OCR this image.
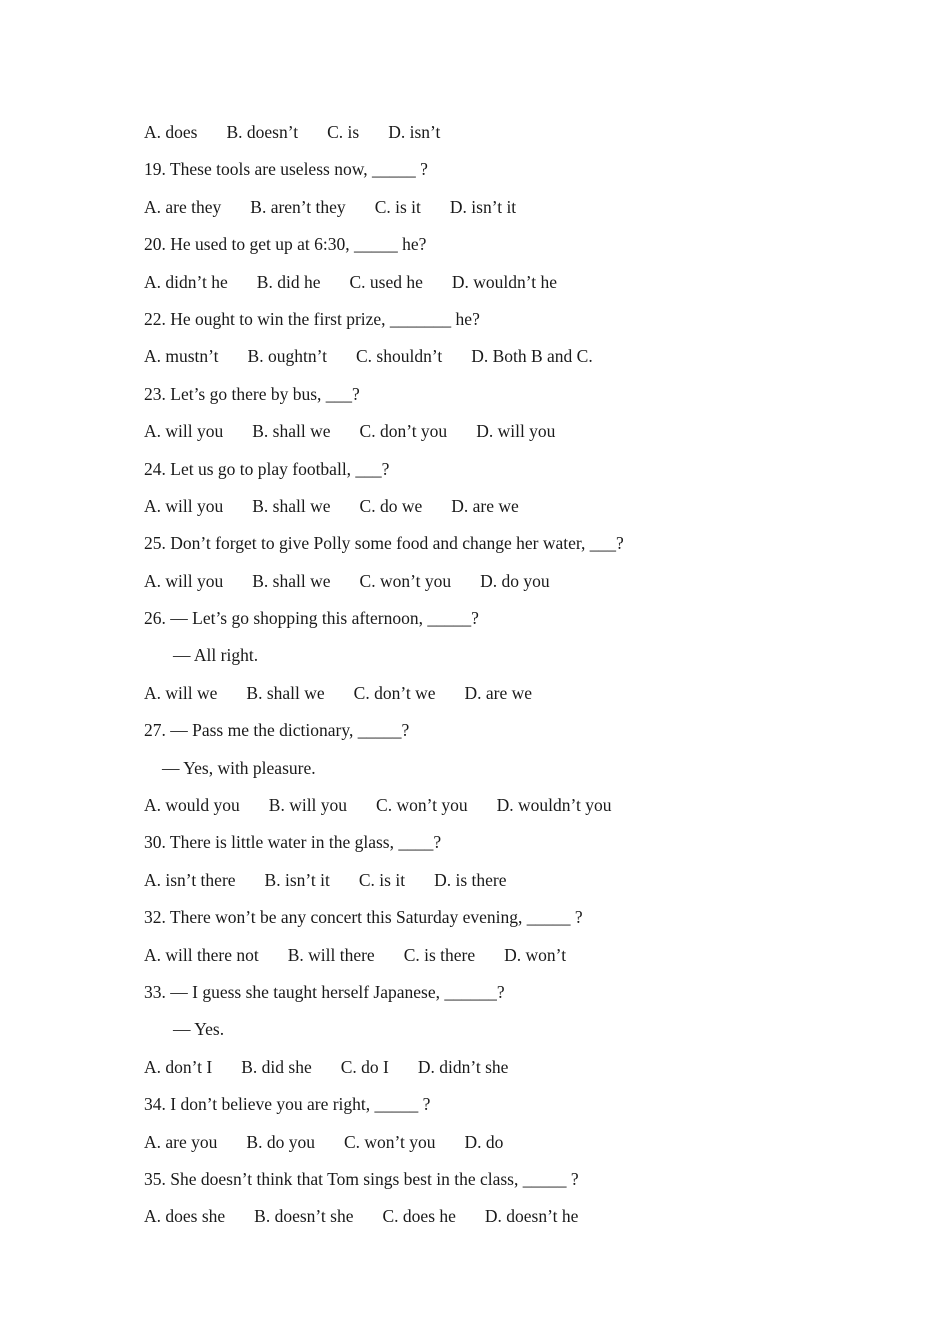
A. does B. doesn’t C. is D. isn’t
19. These tools are useless now, _____ ?
A. are they B. aren’t they C. is it D. isn’t it
20. He used to get up at 6:30, _____ he?
A. didn’t he B. did he C. used he D. wouldn’t he
22. He ought to win the first prize, _______ he?
A. mustn’t B. oughtn’t C. shouldn’t D. Both B and C.
23. Let’s go there by bus, ___?
A. will you B. shall we C. don’t you D. will you
24. Let us go to play football, ___?
A. will you B. shall we C. do we D. are we
25. Don’t forget to give Polly some food and change her water, ___?
A. will you B. shall we C. won’t you D. do you
26. — Let’s go shopping this afternoon, _____?
— All right.
A. will we B. shall we C. don’t we D. are we
27. — Pass me the dictionary, _____?
— Yes, with pleasure.
A. would you B. will you C. won’t you D. wouldn’t you
30. There is little water in the glass, ____?
A. isn’t there B. isn’t it C. is it D. is there
32. There won’t be any concert this Saturday evening, _____ ?
A. will there not B. will there C. is there D. won’t
33. — I guess she taught herself Japanese, ______?
— Yes.
A. don’t I B. did she C. do I D. didn’t she
34. I don’t believe you are right, _____ ?
A. are you B. do you C. won’t you D. do
35. She doesn’t think that Tom sings best in the class, _____ ?
A. does she B. doesn’t she C. does he D. doesn’t he
